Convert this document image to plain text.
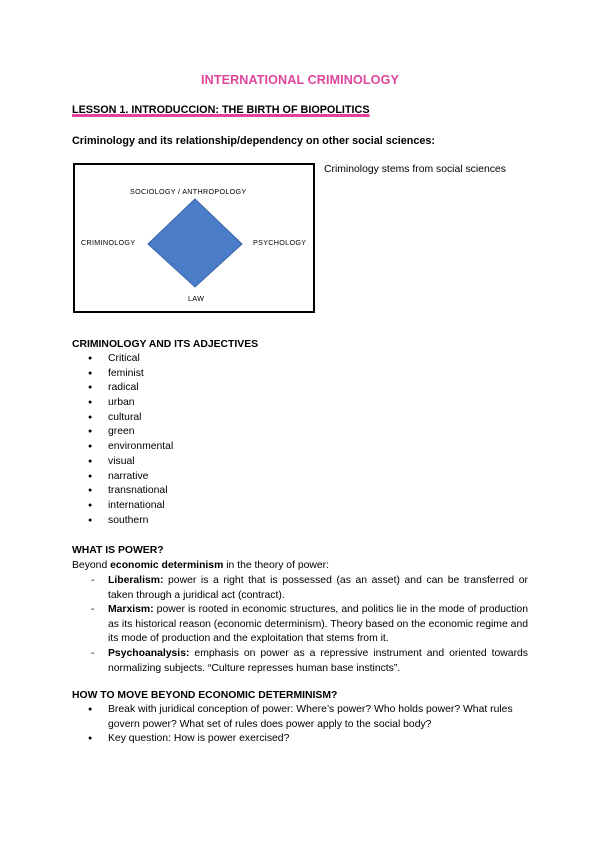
INTERNATIONAL CRIMINOLOGY
LESSON 1. INTRODUCCION: THE BIRTH OF BIOPOLITICS
Criminology and its relationship/dependency on other social sciences:
SOCIOLOGY / ANTHROPOLOGY
CRIMINOLOGY	PSYCHOLOGY
LAW
Criminology stems from social sciences
CRIMINOLOGY AND ITS ADJECTIVES
● Critical
● feminist
● radical
● urban
● cultural
● green
● environmental
● visual
● narrative
● transnational
● international
● southern
WHAT IS POWER?
Beyond economic determinism in the theory of power:
- Liberalism: power is a right that is possessed (as an asset) and can be transferred or taken through a juridical act (contract).
- Marxism: power is rooted in economic structures, and politics lie in the mode of production as its historical reason (economic determinism). Theory based on the economic regime and its mode of production and the exploitation that stems from it.
- Psychoanalysis: emphasis on power as a repressive instrument and oriented towards normalizing subjects. “Culture represses human base instincts”.
HOW TO MOVE BEYOND ECONOMIC DETERMINISM?
● Break with juridical conception of power: Where’s power? Who holds power? What rules govern power? What set of rules does power apply to the social body?
● Key question: How is power exercised?
